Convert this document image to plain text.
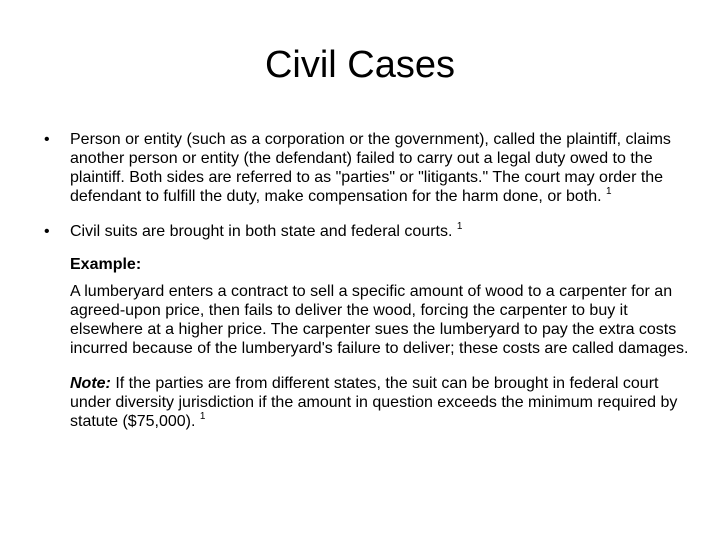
Civil Cases

• Person or entity (such as a corporation or the government), called the plaintiff, claims another person or entity (the defendant) failed to carry out a legal duty owed to the plaintiff. Both sides are referred to as "parties" or "litigants." The court may order the defendant to fulfill the duty, make compensation for the harm done, or both. $^1$

• Civil suits are brought in both state and federal courts. $^1$

Example:

A lumberyard enters a contract to sell a specific amount of wood to a carpenter for an agreed-upon price, then fails to deliver the wood, forcing the carpenter to buy it elsewhere at a higher price. The carpenter sues the lumberyard to pay the extra costs incurred because of the lumberyard's failure to deliver; these costs are called damages.

Note: If the parties are from different states, the suit can be brought in federal court under diversity jurisdiction if the amount in question exceeds the minimum required by statute ($75,000). $^1$
